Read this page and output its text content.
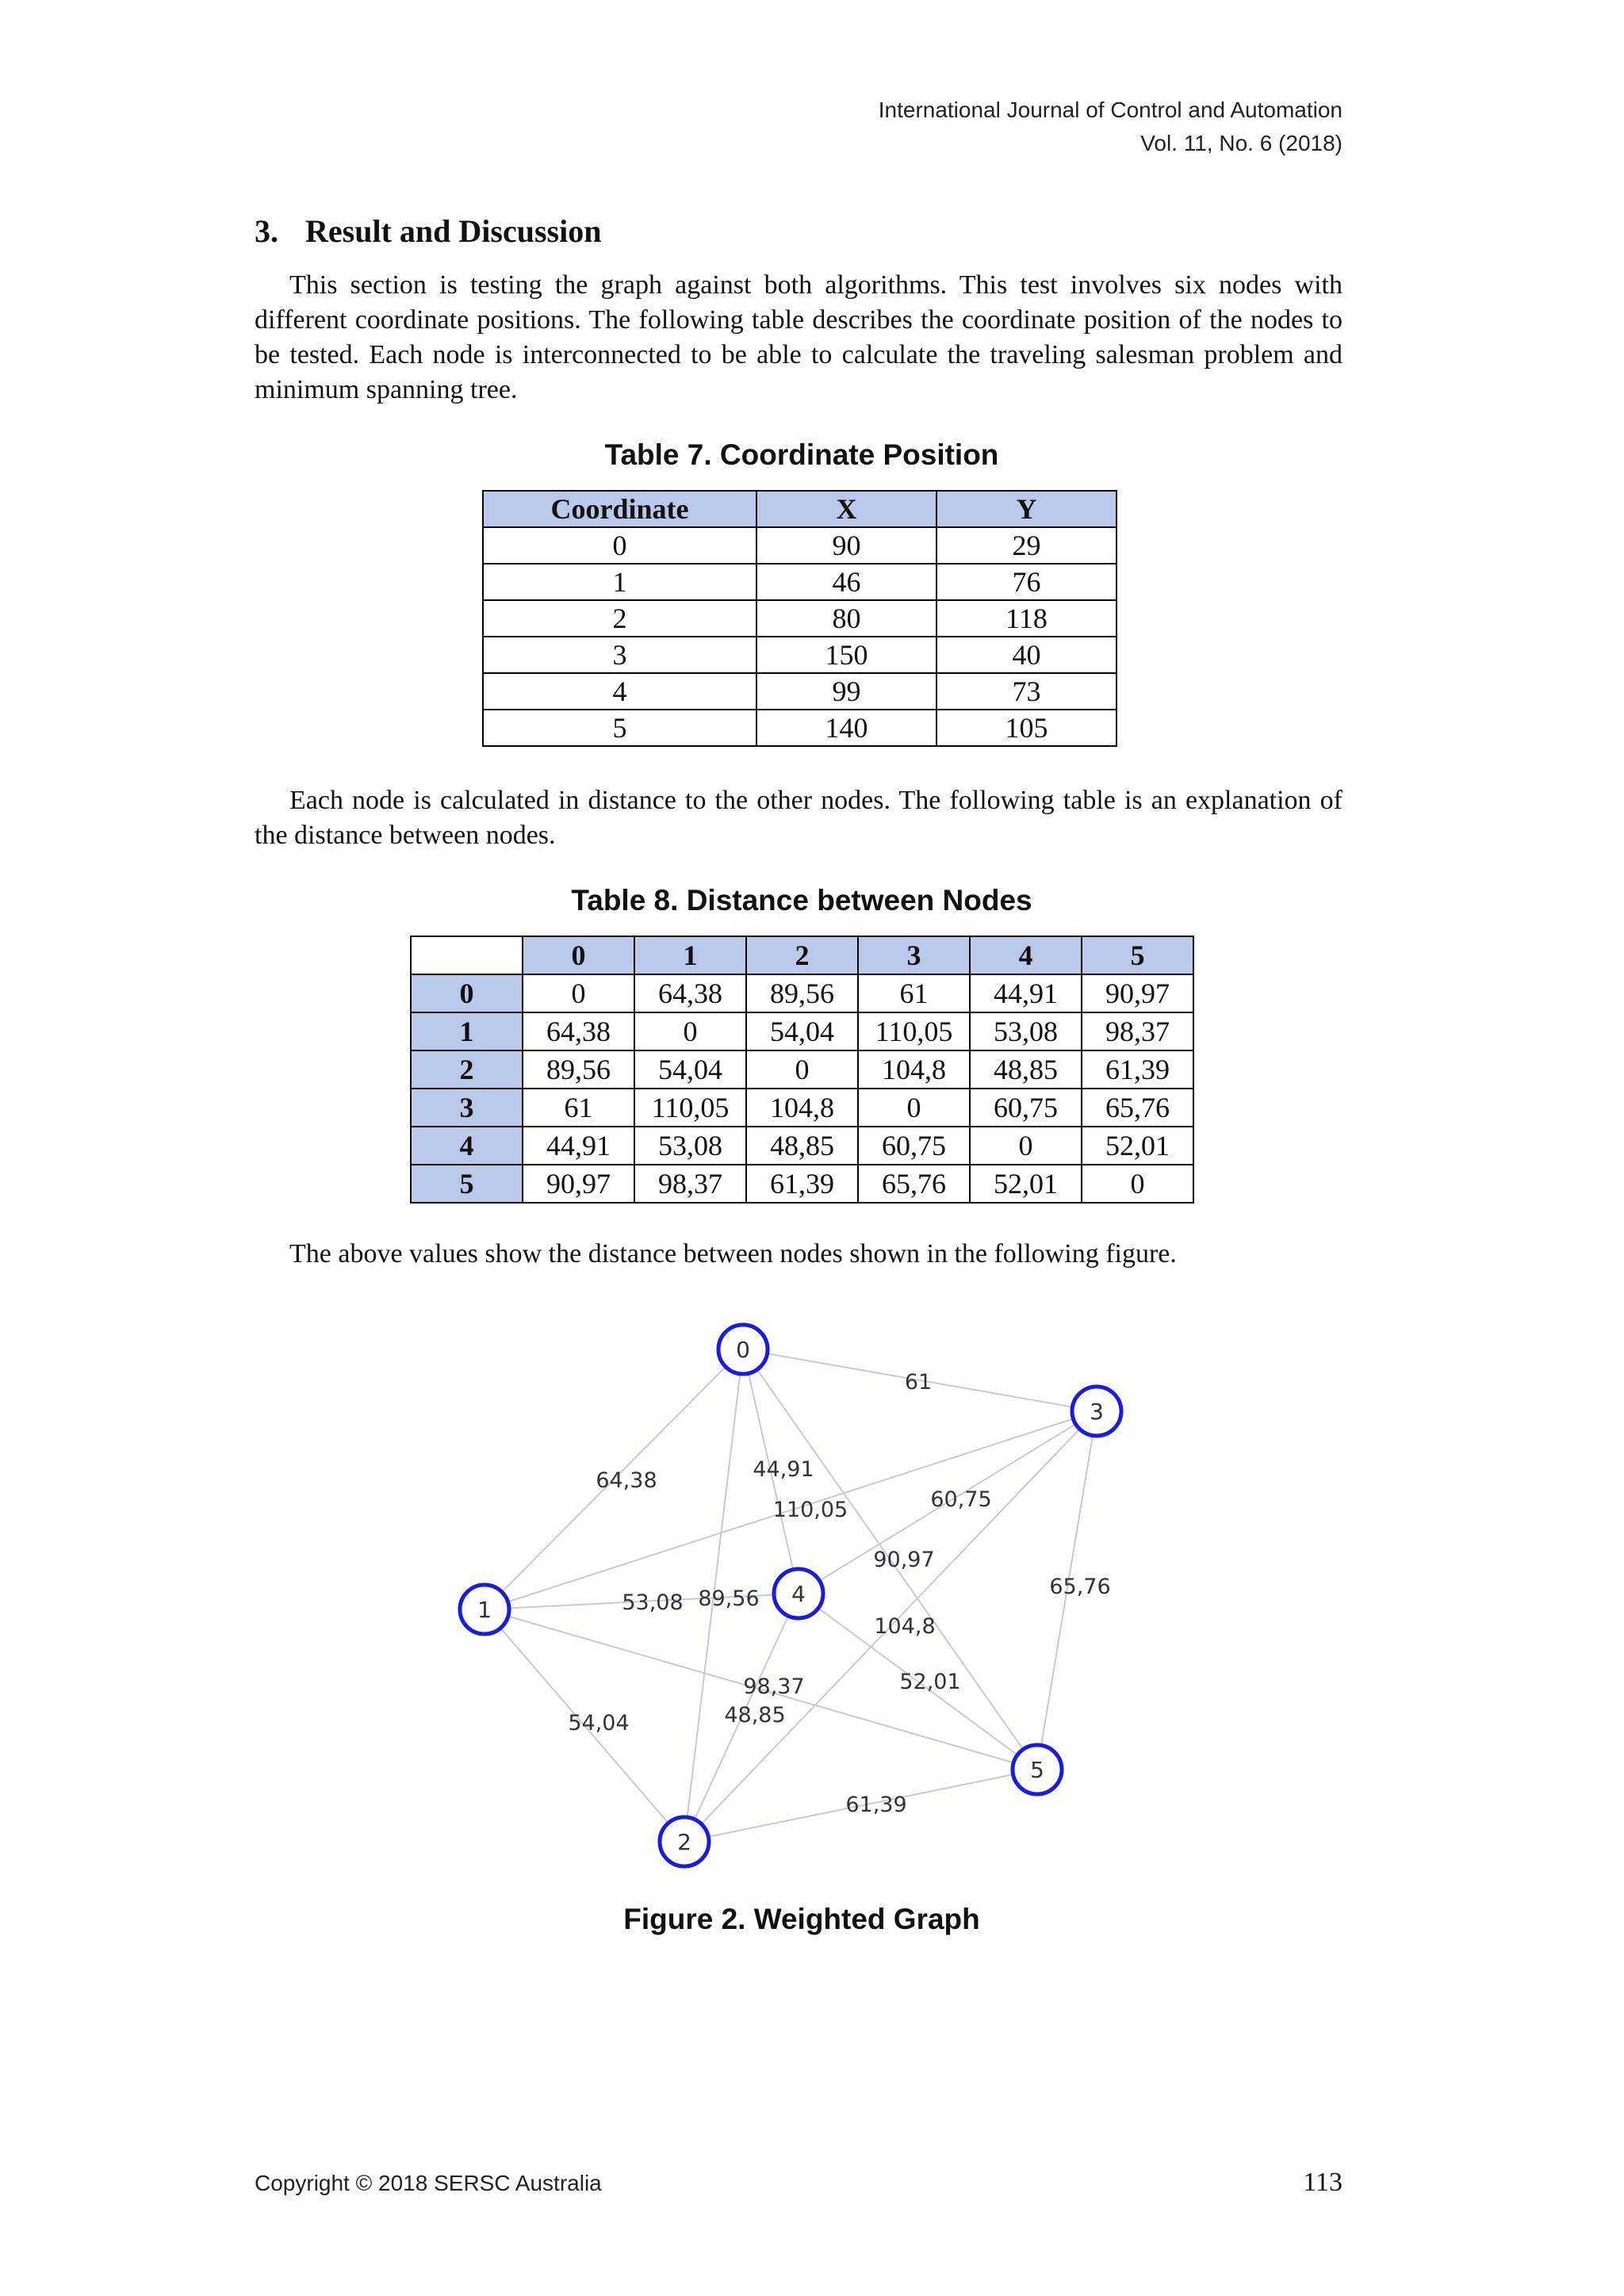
International Journal of Control and Automation
Vol. 11, No. 6 (2018)
3. Result and Discussion

This section is testing the graph against both algorithms. This test involves six nodes with different coordinate positions. The following table describes the coordinate position of the nodes to be tested. Each node is interconnected to be able to calculate the traveling salesman problem and minimum spanning tree.

Table 7. Coordinate Position

Coordinate	X	Y
0	90	29
1	46	76
2	80	118
3	150	40
4	99	73
5	140	105

Each node is calculated in distance to the other nodes. The following table is an explanation of the distance between nodes.

Table 8. Distance between Nodes

	0	1	2	3	4	5
0	0	64,38	89,56	61	44,91	90,97
1	64,38	0	54,04	110,05	53,08	98,37
2	89,56	54,04	0	104,8	48,85	61,39
3	61	110,05	104,8	0	60,75	65,76
4	44,91	53,08	48,85	60,75	0	52,01
5	90,97	98,37	61,39	65,76	52,01	0

The above values show the distance between nodes shown in the following figure.

61
64,38	44,91
110,05	60,75
90,97
65,76
53,08 89,56
104,8
52,01
98,37
48,85
54,04
61,39
0
1
2
3
4
5

Figure 2. Weighted Graph

Copyright © 2018 SERSC Australia	113
